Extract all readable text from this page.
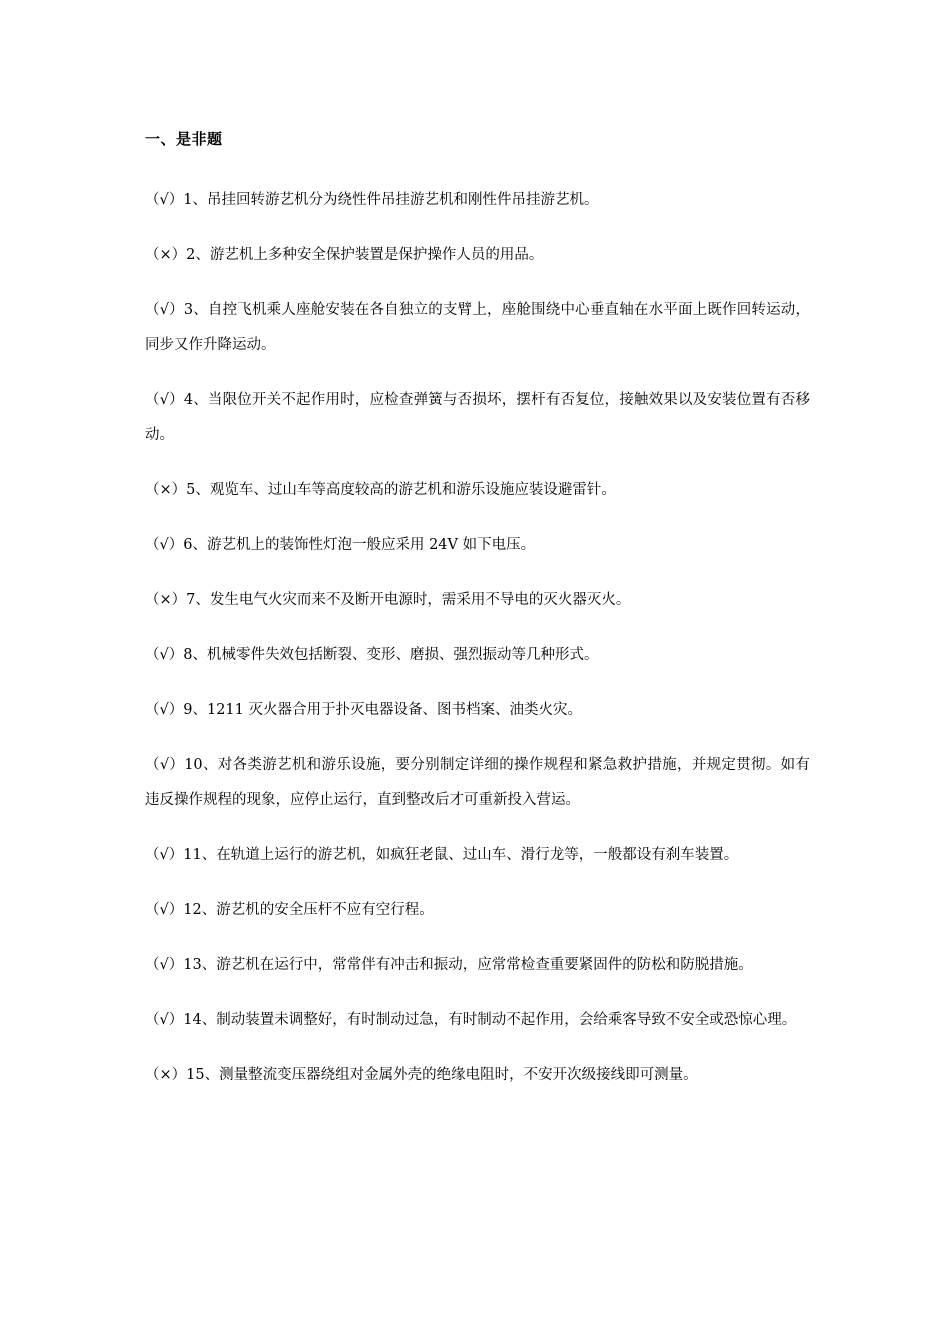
一、是非题
（√）1、吊挂回转游艺机分为绕性件吊挂游艺机和刚性件吊挂游艺机。
（×）2、游艺机上多种安全保护装置是保护操作人员的用品。
（√）3、自控飞机乘人座舱安装在各自独立的支臂上，座舱围绕中心垂直轴在水平面上既作回转运动，同步又作升降运动。
（√）4、当限位开关不起作用时，应检查弹簧与否损坏，摆杆有否复位，接触效果以及安装位置有否移动。
（×）5、观览车、过山车等高度较高的游艺机和游乐设施应装设避雷针。
（√）6、游艺机上的装饰性灯泡一般应采用 24V 如下电压。
（×）7、发生电气火灾而来不及断开电源时，需采用不导电的灭火器灭火。
（√）8、机械零件失效包括断裂、变形、磨损、强烈振动等几种形式。
（√）9、1211 灭火器合用于扑灭电器设备、图书档案、油类火灾。
（√）10、对各类游艺机和游乐设施，要分别制定详细的操作规程和紧急救护措施，并规定贯彻。如有违反操作规程的现象，应停止运行，直到整改后才可重新投入营运。
（√）11、在轨道上运行的游艺机，如疯狂老鼠、过山车、滑行龙等，一般都设有刹车装置。
（√）12、游艺机的安全压杆不应有空行程。
（√）13、游艺机在运行中，常常伴有冲击和振动，应常常检查重要紧固件的防松和防脱措施。
（√）14、制动装置未调整好，有时制动过急，有时制动不起作用，会给乘客导致不安全或恐惊心理。
（×）15、测量整流变压器绕组对金属外壳的绝缘电阻时，不安开次级接线即可测量。
